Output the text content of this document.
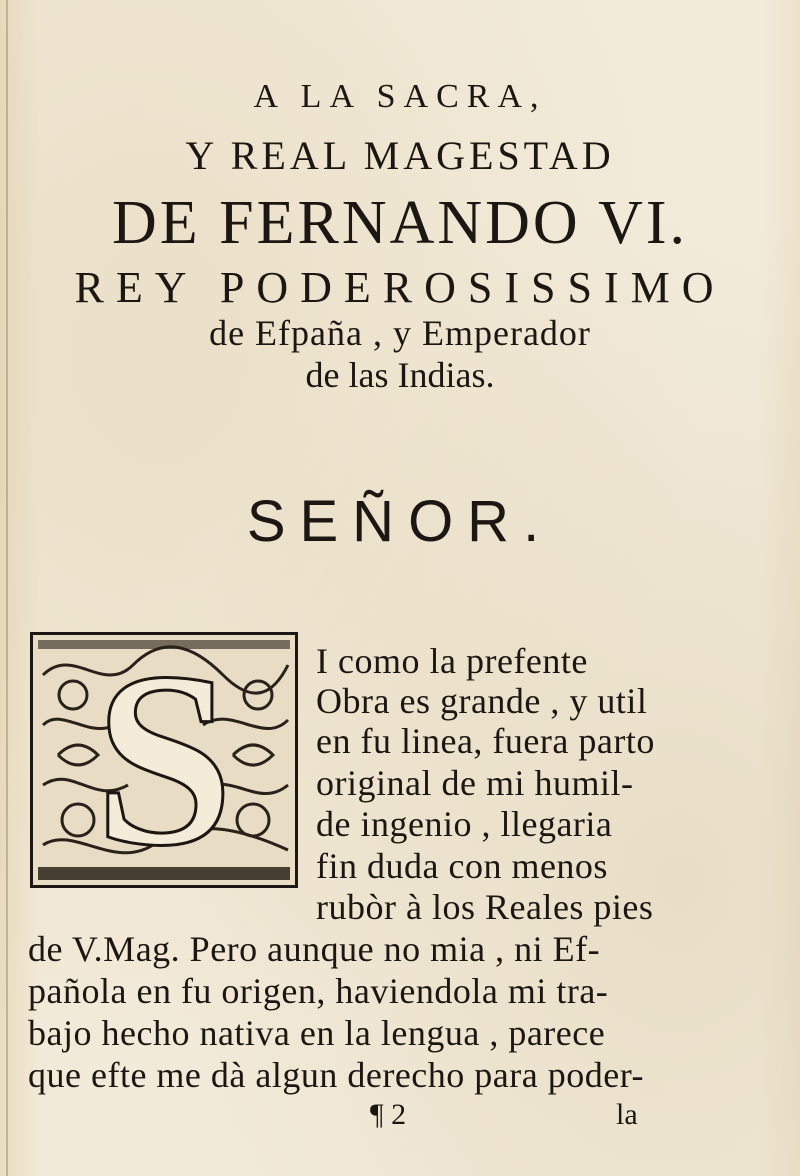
A LA SACRA,
Y REAL MAGESTAD
DE FERNANDO VI.
REY PODEROSISSIMO
de Efpaña , y Emperador
de las Indias.
SEÑOR.
S	I como la prefente
Obra es grande , y util
en fu linea, fuera parto
original de mi humil-
de ingenio , llegaria
fin duda con menos
rubòr à los Reales pies
de V.Mag. Pero aunque no mia , ni Ef-
pañola en fu origen, haviendola mi tra-
bajo hecho nativa en la lengua , parece
que efte me dà algun derecho para poder-
¶ 2	la
